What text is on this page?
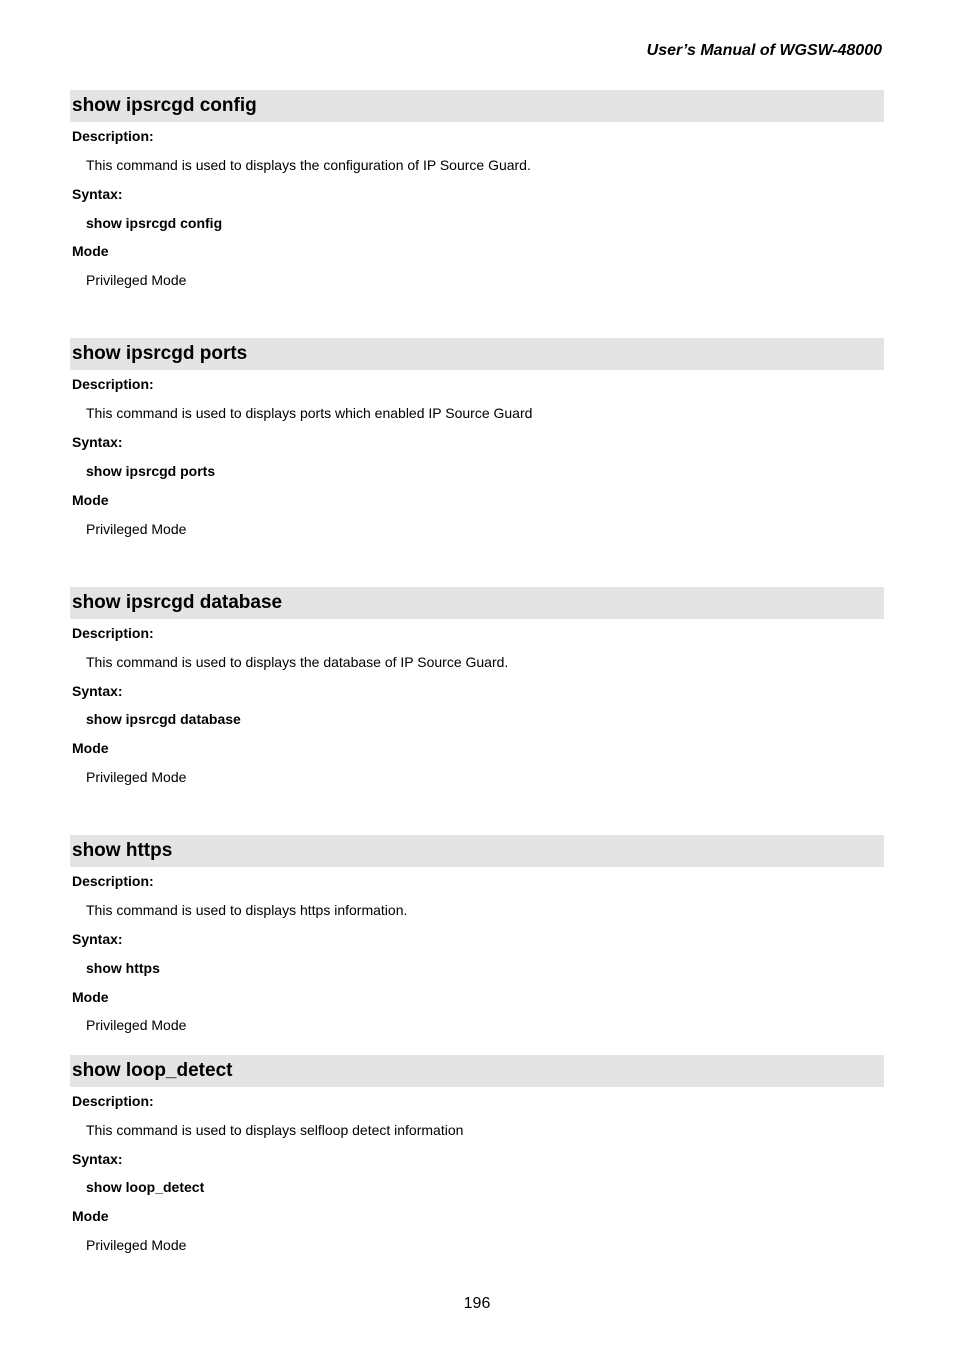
User’s Manual of WGSW-48000
show ipsrcgd config
Description:
This command is used to displays the configuration of IP Source Guard.
Syntax:
show ipsrcgd config
Mode
Privileged Mode
show ipsrcgd ports
Description:
This command is used to displays ports which enabled IP Source Guard
Syntax:
show ipsrcgd ports
Mode
Privileged Mode
show ipsrcgd database
Description:
This command is used to displays the database of IP Source Guard.
Syntax:
show ipsrcgd database
Mode
Privileged Mode
show https
Description:
This command is used to displays https information.
Syntax:
show https
Mode
Privileged Mode
show loop_detect
Description:
This command is used to displays selfloop detect information
Syntax:
show loop_detect
Mode
Privileged Mode
196
